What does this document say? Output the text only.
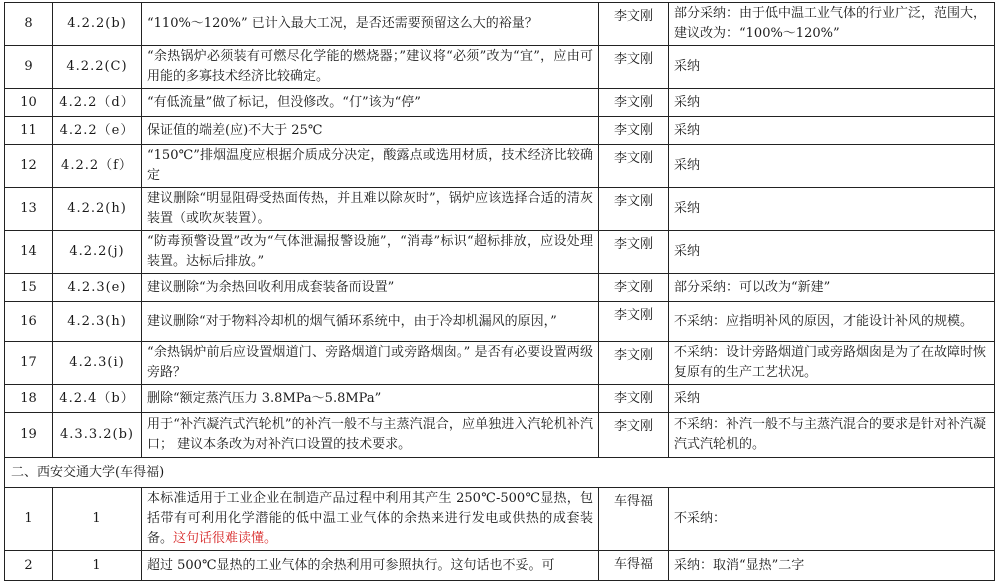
8	4.2.2(b)	“110%～120%” 已计入最大工况，是否还需要预留这么大的裕量？	李文刚	部分采纳：由于低中温工业气体的行业广泛，范围大，建议改为：“100%～120%”
9	4.2.2(C)	“余热锅炉必须装有可燃尽化学能的燃烧器；”建议将“必须”改为“宜”，应由可用能的多寡技术经济比较确定。	李文刚	采纳
10	4.2.2（d）	“有低流量”做了标记，但没修改。“仃”该为“停”	李文刚	采纳
11	4.2.2（e）	保证值的端差(应)不大于 25℃	李文刚	采纳
12	4.2.2（f）	“150℃”排烟温度应根据介质成分决定，酸露点或选用材质，技术经济比较确定	李文刚	采纳
13	4.2.2(h)	建议删除“明显阻碍受热面传热，并且难以除灰时”，锅炉应该选择合适的清灰装置（或吹灰装置）。	李文刚	采纳
14	4.2.2(j)	“防毒预警设置”改为“气体泄漏报警设施”，“消毒”标识“超标排放，应设处理装置。达标后排放。”	李文刚	采纳
15	4.2.3(e)	建议删除“为余热回收利用成套装备而设置”	李文刚	部分采纳：可以改为“新建”
16	4.2.3(h)	建议删除“对于物料冷却机的烟气循环系统中，由于冷却机漏风的原因，”	李文刚	不采纳：应指明补风的原因，才能设计补风的规模。
17	4.2.3(i)	“余热锅炉前后应设置烟道门、旁路烟道门或旁路烟囱。” 是否有必要设置两级旁路？	李文刚	不采纳：设计旁路烟道门或旁路烟囱是为了在故障时恢复原有的生产工艺状况。
18	4.2.4（b）	删除“额定蒸汽压力 3.8MPa～5.8MPa”	李文刚	采纳
19	4.3.3.2(b)	用于“补汽凝汽式汽轮机”的补汽一般不与主蒸汽混合，应单独进入汽轮机补汽口； 建议本条改为对补汽口设置的技术要求。	李文刚	不采纳：补汽一般不与主蒸汽混合的要求是针对补汽凝汽式汽轮机的。
二、西安交通大学(车得福)				
1	1	本标准适用于工业企业在制造产品过程中利用其产生 250℃-500℃显热，包括带有可利用化学潜能的低中温工业气体的余热来进行发电或供热的成套装备。这句话很难读懂。	车得福	不采纳：
2	1	超过 500℃显热的工业气体的余热利用可参照执行。这句话也不妥。可	车得福	采纳：取消“显热”二字
